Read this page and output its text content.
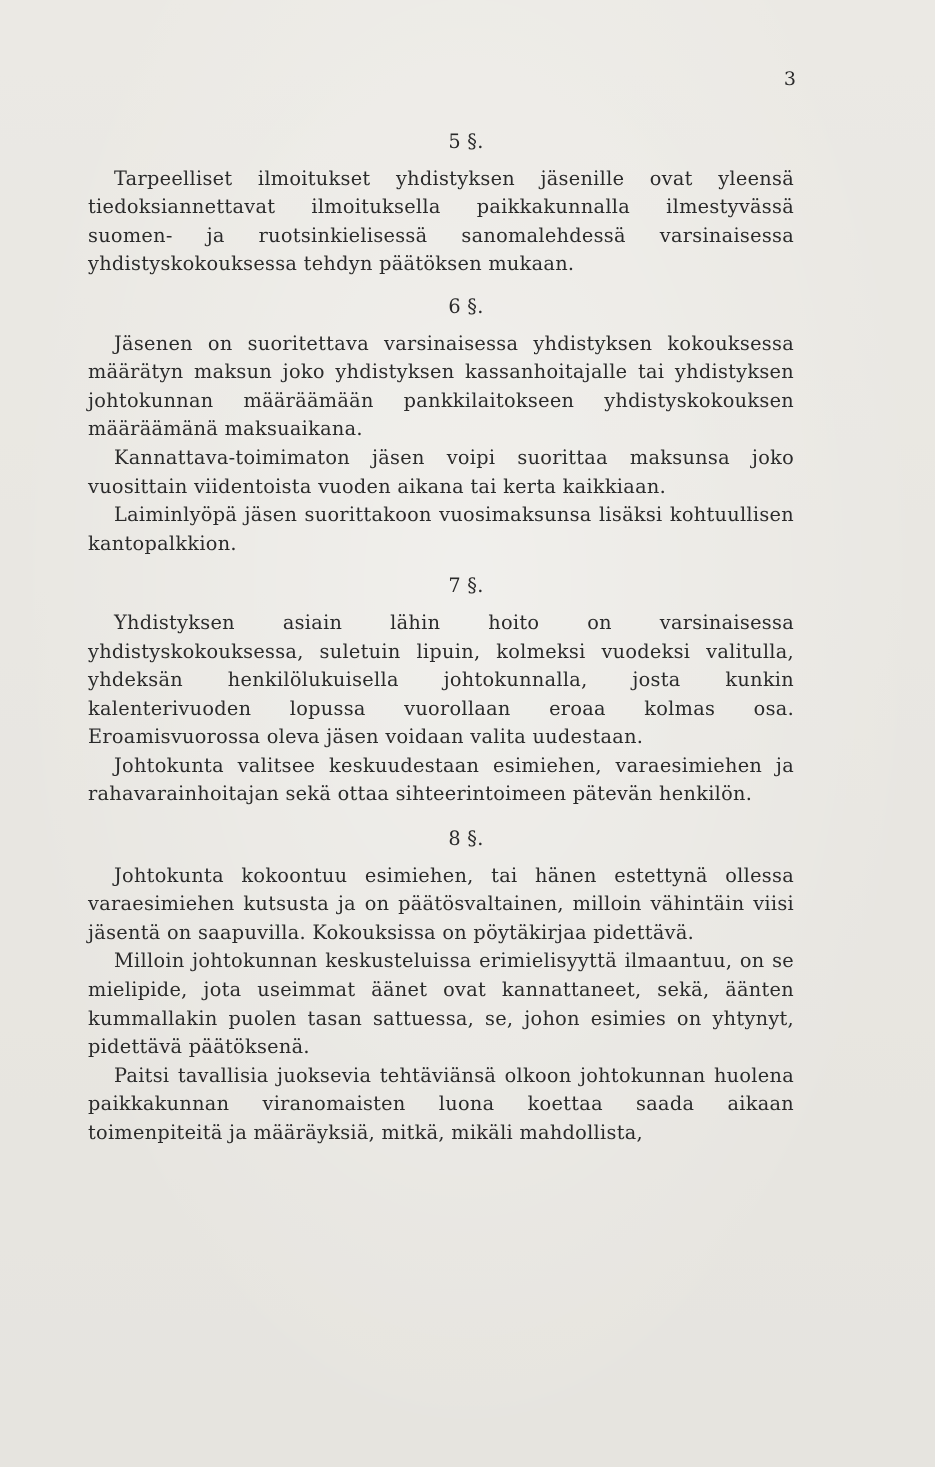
3

5 §.

Tarpeelliset ilmoitukset yhdistyksen jäsenille ovat yleensä tiedoksiannettavat ilmoituksella paikkakunnalla ilmestyvässä suomen- ja ruotsinkielisessä sanomalehdessä varsinaisessa yhdistyskokouksessa tehdyn päätöksen mukaan.

6 §.

Jäsenen on suoritettava varsinaisessa yhdistyksen kokouksessa määrätyn maksun joko yhdistyksen kassanhoitajalle tai yhdistyksen johtokunnan määräämään pankkilaitokseen yhdistyskokouksen määräämänä maksuaikana.

Kannattava-toimimaton jäsen voipi suorittaa maksunsa joko vuosittain viidentoista vuoden aikana tai kerta kaikkiaan.

Laiminlyöpä jäsen suorittakoon vuosimaksunsa lisäksi kohtuullisen kantopalkkion.

7 §.

Yhdistyksen asiain lähin hoito on varsinaisessa yhdistyskokouksessa, suletuin lipuin, kolmeksi vuodeksi valitulla, yhdeksän henkilölukuisella johtokunnalla, josta kunkin kalenterivuoden lopussa vuorollaan eroaa kolmas osa. Eroamisvuorossa oleva jäsen voidaan valita uudestaan.

Johtokunta valitsee keskuudestaan esimiehen, varaesimiehen ja rahavarainhoitajan sekä ottaa sihteerintoimeen pätevän henkilön.

8 §.

Johtokunta kokoontuu esimiehen, tai hänen estettynä ollessa varaesimiehen kutsusta ja on päätösvaltainen, milloin vähintäin viisi jäsentä on saapuvilla. Kokouksissa on pöytäkirjaa pidettävä.

Milloin johtokunnan keskusteluissa erimielisyyttä ilmaantuu, on se mielipide, jota useimmat äänet ovat kannattaneet, sekä, äänten kummallakin puolen tasan sattuessa, se, johon esimies on yhtynyt, pidettävä päätöksenä.

Paitsi tavallisia juoksevia tehtäviänsä olkoon johtokunnan huolena paikkakunnan viranomaisten luona koettaa saada aikaan toimenpiteitä ja määräyksiä, mitkä, mikäli mahdollista,
